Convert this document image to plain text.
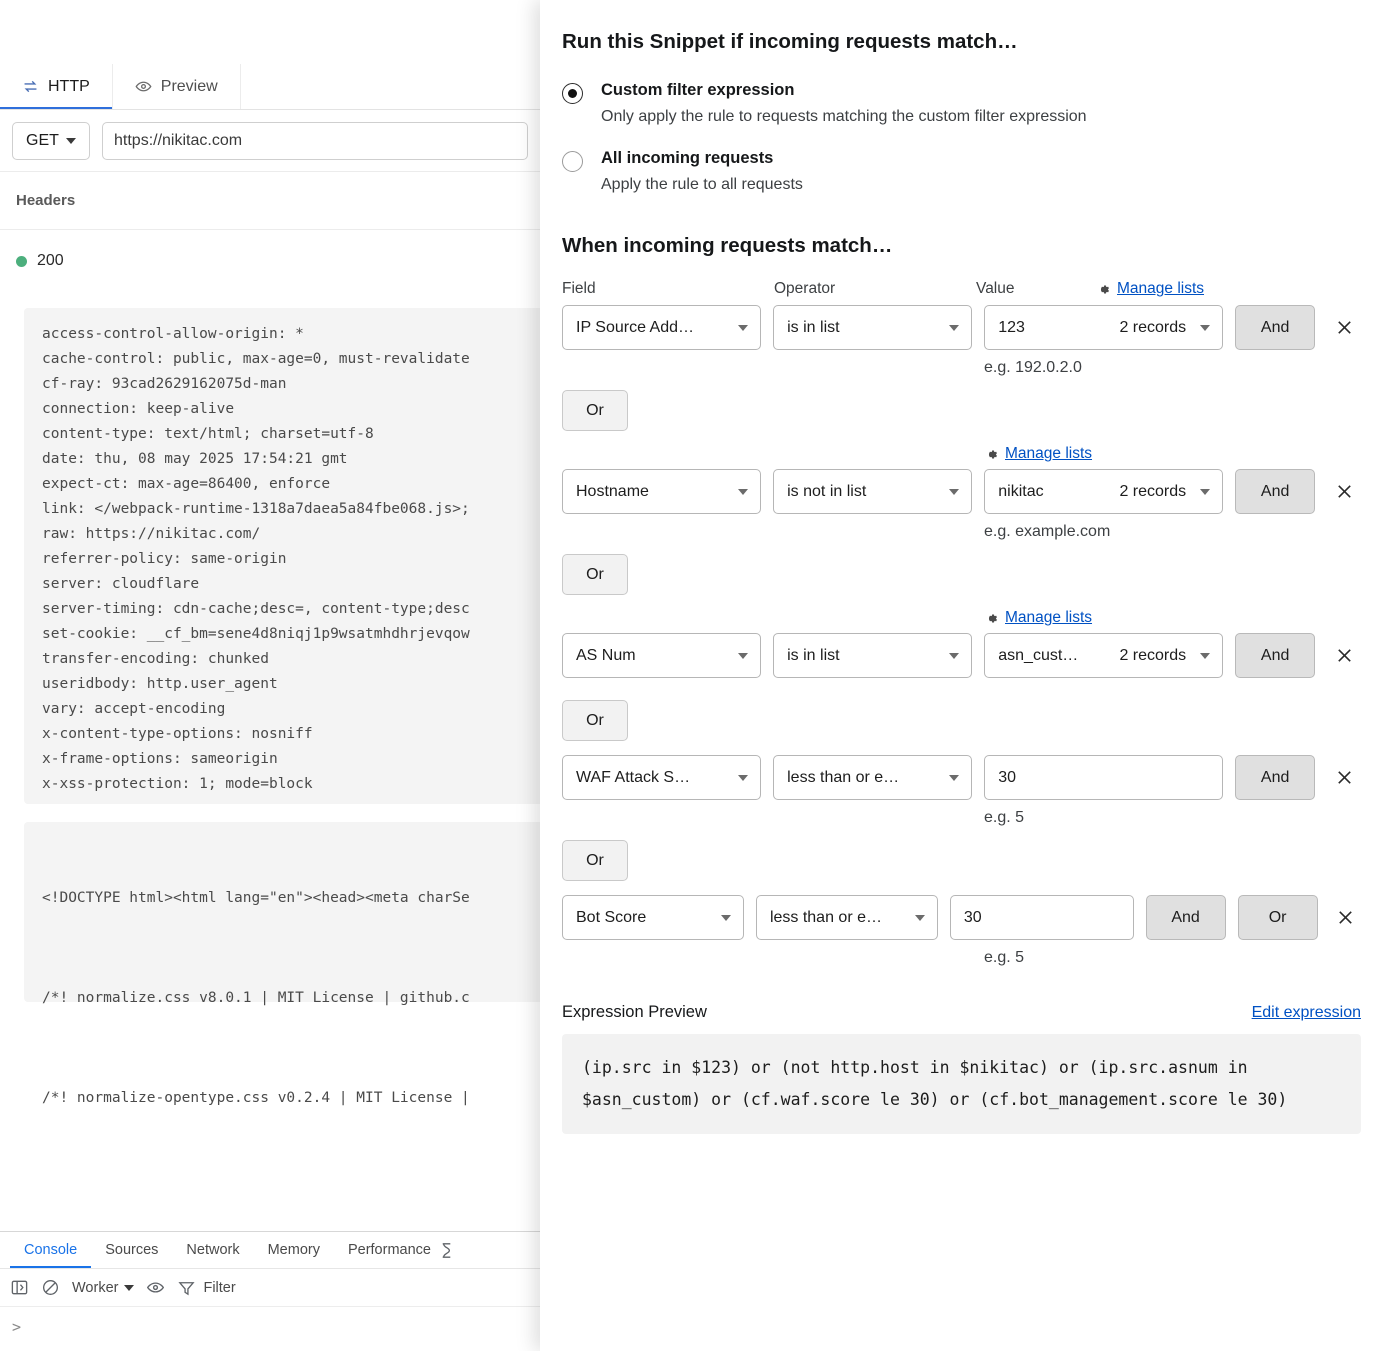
HTTP	Preview
GET
https://nikitac.com
Headers
200
access-control-allow-origin: *
cache-control: public, max-age=0, must-revalidate
cf-ray: 93cad2629162075d-man
connection: keep-alive
content-type: text/html; charset=utf-8
date: thu, 08 may 2025 17:54:21 gmt
expect-ct: max-age=86400, enforce
link: </webpack-runtime-1318a7daea5a84fbe068.js>;
raw: https://nikitac.com/
referrer-policy: same-origin
server: cloudflare
server-timing: cdn-cache;desc=, content-type;desc
set-cookie: __cf_bm=sene4d8niqj1p9wsatmhdhrjevqow
transfer-encoding: chunked
useridbody: http.user_agent
vary: accept-encoding
x-content-type-options: nosniff
x-frame-options: sameorigin
x-xss-protection: 1; mode=block

<!DOCTYPE html><html lang="en"><head><meta charSe

/*! normalize.css v8.0.1 | MIT License | github.c

/*! normalize-opentype.css v0.2.4 | MIT License |

Console Sources Network Memory Performance
Worker	Filter
>
Run this Snippet if incoming requests match…
Custom filter expression
Only apply the rule to requests matching the custom filter expression
All incoming requests
Apply the rule to all requests
When incoming requests match…
Field	Operator	Value	Manage lists
IP Source Add…	is in list	123	2 records	And
e.g. 192.0.2.0
Or
Manage lists
Hostname	is not in list	nikitac	2 records	And
e.g. example.com
Or
Manage lists
AS Num	is in list	asn_cust…	2 records	And
Or
WAF Attack S…	less than or e…	30	And
e.g. 5
Or
Bot Score	less than or e…	30	And	Or
e.g. 5
Expression Preview	Edit expression
(ip.src in $123) or (not http.host in $nikitac) or (ip.src.asnum in $asn_custom) or (cf.waf.score le 30) or (cf.bot_management.score le 30)
